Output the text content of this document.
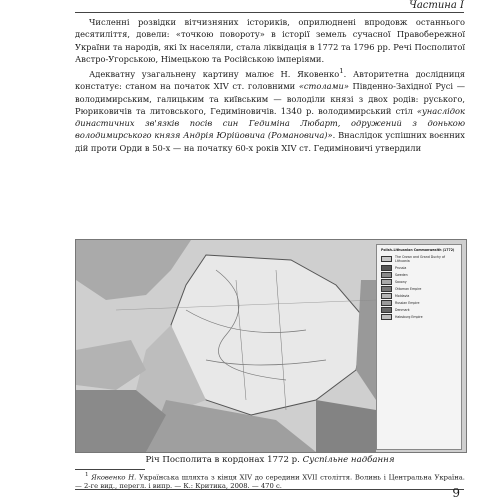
Частина І

Численні розвідки вітчизняних істориків, оприлюднені впродовж останнього десятиліття, довели: «точкою повороту» в історії земель сучасної Правобережної України та народів, які їх населяли, стала ліквідація в 1772 та 1796 рр. Речі Посполитої Австро-Угорською, Німецькою та Російською імперіями.

Адекватну узагальнену картину малює Н. Яковенко$^1$. Авторитетна дослідниця констатує: станом на початок XIV ст. головними «столами» Південно-Західної Русі — володимирським, галицьким та київським — володіли князі з двох родів: руського, Рюриковичів та литовського, Гедиміновичів. 1340 р. володимирський стіл «унаслідок династичних зв'язків посів син Гедиміна Любарт, одружений з донькою володимирського князя Андрія Юрійовича (Романовича)». Внаслідок успішних воєнних дій проти Орди в 50-х — на початку 60-х років XIV ст. Гедиміновичі утвердили

Polish–Lithuanian Commonwealth (1772)
The Crown and Grand Duchy of Lithuania
Prussia
Sweden
Saxony
Ottoman Empire
Moldavia
Russian Empire
Denmark
Habsburg Empire
Річ Посполита в кордонах 1772 р. Суспільне надбання
$^1$ Яковенко Н. Українська шляхта з кінця XIV до середини XVII століття. Волинь і Центральна Україна. — 2-ге вид., перегл. і випр. — К.: Критика, 2008. — 470 с.	9
